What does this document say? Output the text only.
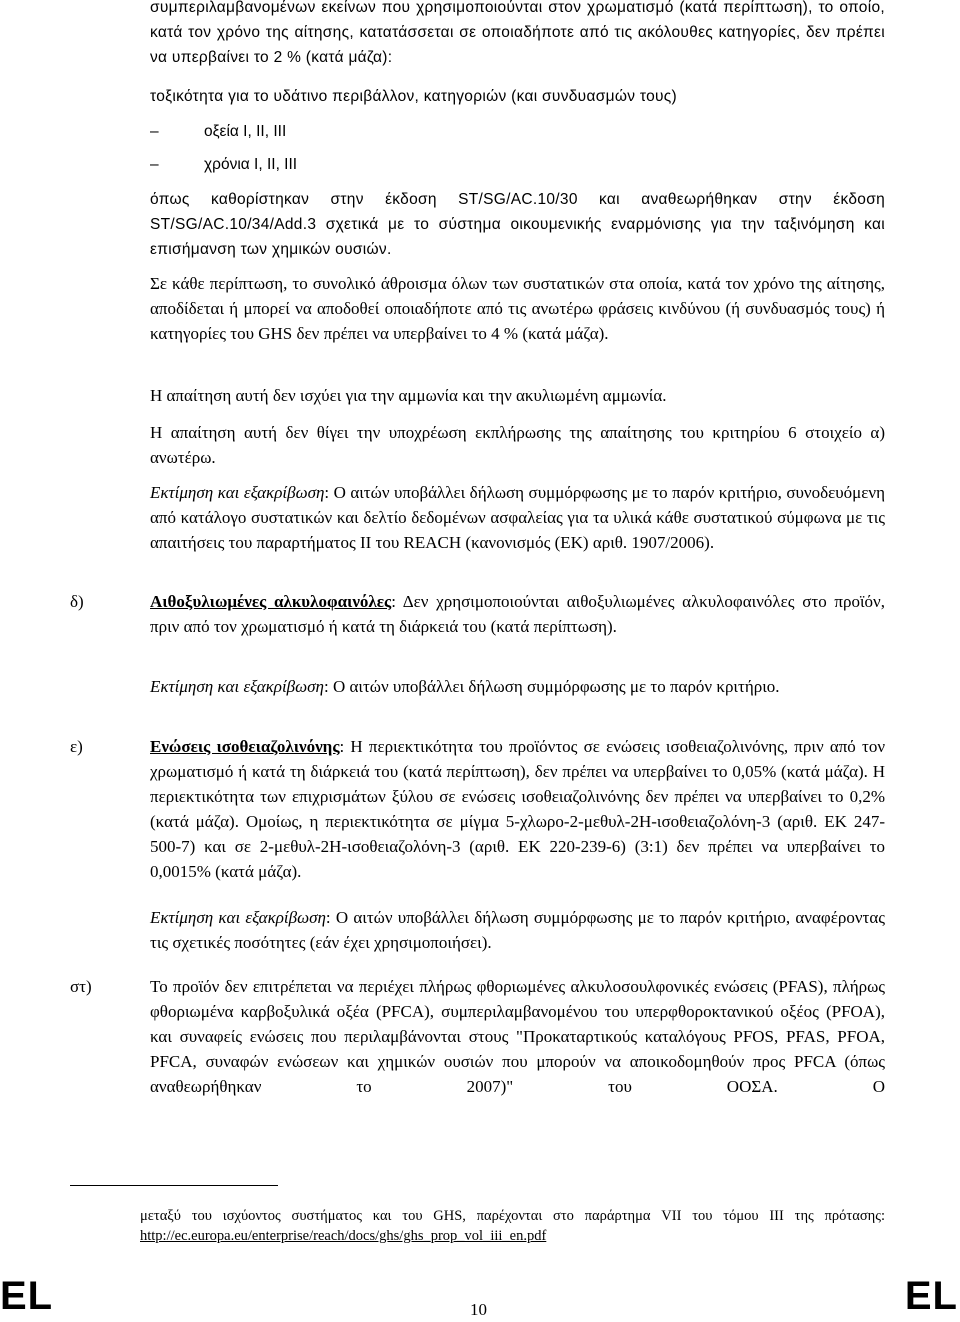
συμπεριλαμβανομένων εκείνων που χρησιμοποιούνται στον χρωματισμό (κατά περίπτωση), το οποίο, κατά τον χρόνο της αίτησης, κατατάσσεται σε οποιαδήποτε από τις ακόλουθες κατηγορίες, δεν πρέπει να υπερβαίνει το 2 % (κατά μάζα):

τοξικότητα για το υδάτινο περιβάλλον, κατηγοριών (και συνδυασμών τους)

–	οξεία I, II, III
–	χρόνια I, II, III

όπως καθορίστηκαν στην έκδοση ST/SG/AC.10/30 και αναθεωρήθηκαν στην έκδοση ST/SG/AC.10/34/Add.3 σχετικά με το σύστημα οικουμενικής εναρμόνισης για την ταξινόμηση και επισήμανση των χημικών ουσιών.

Σε κάθε περίπτωση, το συνολικό άθροισμα όλων των συστατικών στα οποία, κατά τον χρόνο της αίτησης, αποδίδεται ή μπορεί να αποδοθεί οποιαδήποτε από τις ανωτέρω φράσεις κινδύνου (ή συνδυασμός τους) ή κατηγορίες του GHS δεν πρέπει να υπερβαίνει το 4 % (κατά μάζα).

Η απαίτηση αυτή δεν ισχύει για την αμμωνία και την ακυλιωμένη αμμωνία.

Η απαίτηση αυτή δεν θίγει την υποχρέωση εκπλήρωσης της απαίτησης του κριτηρίου 6 στοιχείο α) ανωτέρω.

Εκτίμηση και εξακρίβωση: Ο αιτών υποβάλλει δήλωση συμμόρφωσης με το παρόν κριτήριο, συνοδευόμενη από κατάλογο συστατικών και δελτίο δεδομένων ασφαλείας για τα υλικά κάθε συστατικού σύμφωνα με τις απαιτήσεις του παραρτήματος II του REACH (κανονισμός (ΕΚ) αριθ. 1907/2006).

δ)	Αιθοξυλιωμένες αλκυλοφαινόλες: Δεν χρησιμοποιούνται αιθοξυλιωμένες αλκυλοφαινόλες στο προϊόν, πριν από τον χρωματισμό ή κατά τη διάρκειά του (κατά περίπτωση).

Εκτίμηση και εξακρίβωση: Ο αιτών υποβάλλει δήλωση συμμόρφωσης με το παρόν κριτήριο.

ε)	Ενώσεις ισοθειαζολινόνης: Η περιεκτικότητα του προϊόντος σε ενώσεις ισοθειαζολινόνης, πριν από τον χρωματισμό ή κατά τη διάρκειά του (κατά περίπτωση), δεν πρέπει να υπερβαίνει το 0,05% (κατά μάζα). Η περιεκτικότητα των επιχρισμάτων ξύλου σε ενώσεις ισοθειαζολινόνης δεν πρέπει να υπερβαίνει το 0,2% (κατά μάζα). Ομοίως, η περιεκτικότητα σε μίγμα 5-χλωρο-2-μεθυλ-2Η-ισοθειαζολόνη-3 (αριθ. ΕΚ 247-500-7) και σε 2-μεθυλ-2Η-ισοθειαζολόνη-3 (αριθ. ΕΚ 220-239-6) (3:1) δεν πρέπει να υπερβαίνει το 0,0015% (κατά μάζα).

Εκτίμηση και εξακρίβωση: Ο αιτών υποβάλλει δήλωση συμμόρφωσης με το παρόν κριτήριο, αναφέροντας τις σχετικές ποσότητες (εάν έχει χρησιμοποιήσει).

στ)	Το προϊόν δεν επιτρέπεται να περιέχει πλήρως φθοριωμένες αλκυλοσουλφονικές ενώσεις (PFAS), πλήρως φθοριωμένα καρβοξυλικά οξέα (PFCA), συμπεριλαμβανομένου του υπερφθοροκτανικού οξέος (PFOA), και συναφείς ενώσεις που περιλαμβάνονται στους "Προκαταρτικούς καταλόγους PFOS, PFAS, PFOA, PFCA, συναφών ενώσεων και χημικών ουσιών που μπορούν να αποικοδομηθούν προς PFCA (όπως αναθεωρήθηκαν το 2007)" του ΟΟΣΑ. Ο

μεταξύ του ισχύοντος συστήματος και του GHS, παρέχονται στο παράρτημα VII του τόμου III της πρότασης: http://ec.europa.eu/enterprise/reach/docs/ghs/ghs_prop_vol_iii_en.pdf
EL	10	EL
